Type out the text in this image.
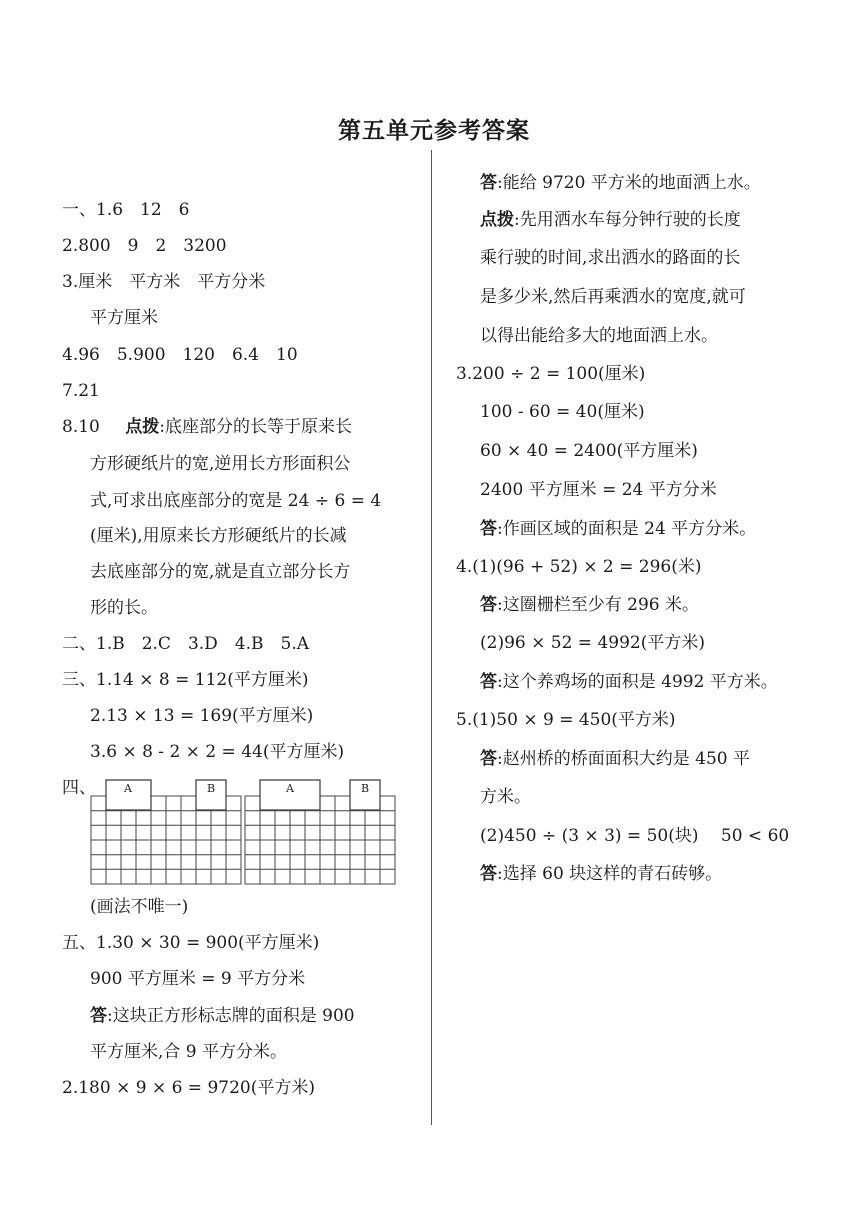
第五单元参考答案
一、1.6　12　6
2.800　9　2　3200
3.厘米　平方米　平方分米
平方厘米
4.96　5.900　120　6.4　10
7.21
8.10 点拨:底座部分的长等于原来长
方形硬纸片的宽,逆用长方形面积公
式,可求出底座部分的宽是 24 ÷ 6 = 4
(厘米),用原来长方形硬纸片的长减
去底座部分的宽,就是直立部分长方
形的长。
二、1.B　2.C　3.D　4.B　5.A
三、1.14 × 8 = 112(平方厘米)
2.13 × 13 = 169(平方厘米)
3.6 × 8 - 2 × 2 = 44(平方厘米)
四、	A	B	A	B
(画法不唯一)
五、1.30 × 30 = 900(平方厘米)
900 平方厘米 = 9 平方分米
答:这块正方形标志牌的面积是 900
平方厘米,合 9 平方分米。
2.180 × 9 × 6 = 9720(平方米)
答:能给 9720 平方米的地面洒上水。
点拨:先用洒水车每分钟行驶的长度
乘行驶的时间,求出洒水的路面的长
是多少米,然后再乘洒水的宽度,就可
以得出能给多大的地面洒上水。
3.200 ÷ 2 = 100(厘米)
100 - 60 = 40(厘米)
60 × 40 = 2400(平方厘米)
2400 平方厘米 = 24 平方分米
答:作画区域的面积是 24 平方分米。
4.(1)(96 + 52) × 2 = 296(米)
答:这圈栅栏至少有 296 米。
(2)96 × 52 = 4992(平方米)
答:这个养鸡场的面积是 4992 平方米。
5.(1)50 × 9 = 450(平方米)
答:赵州桥的桥面面积大约是 450 平
方米。
(2)450 ÷ (3 × 3) = 50(块)　 50 < 60
答:选择 60 块这样的青石砖够。
